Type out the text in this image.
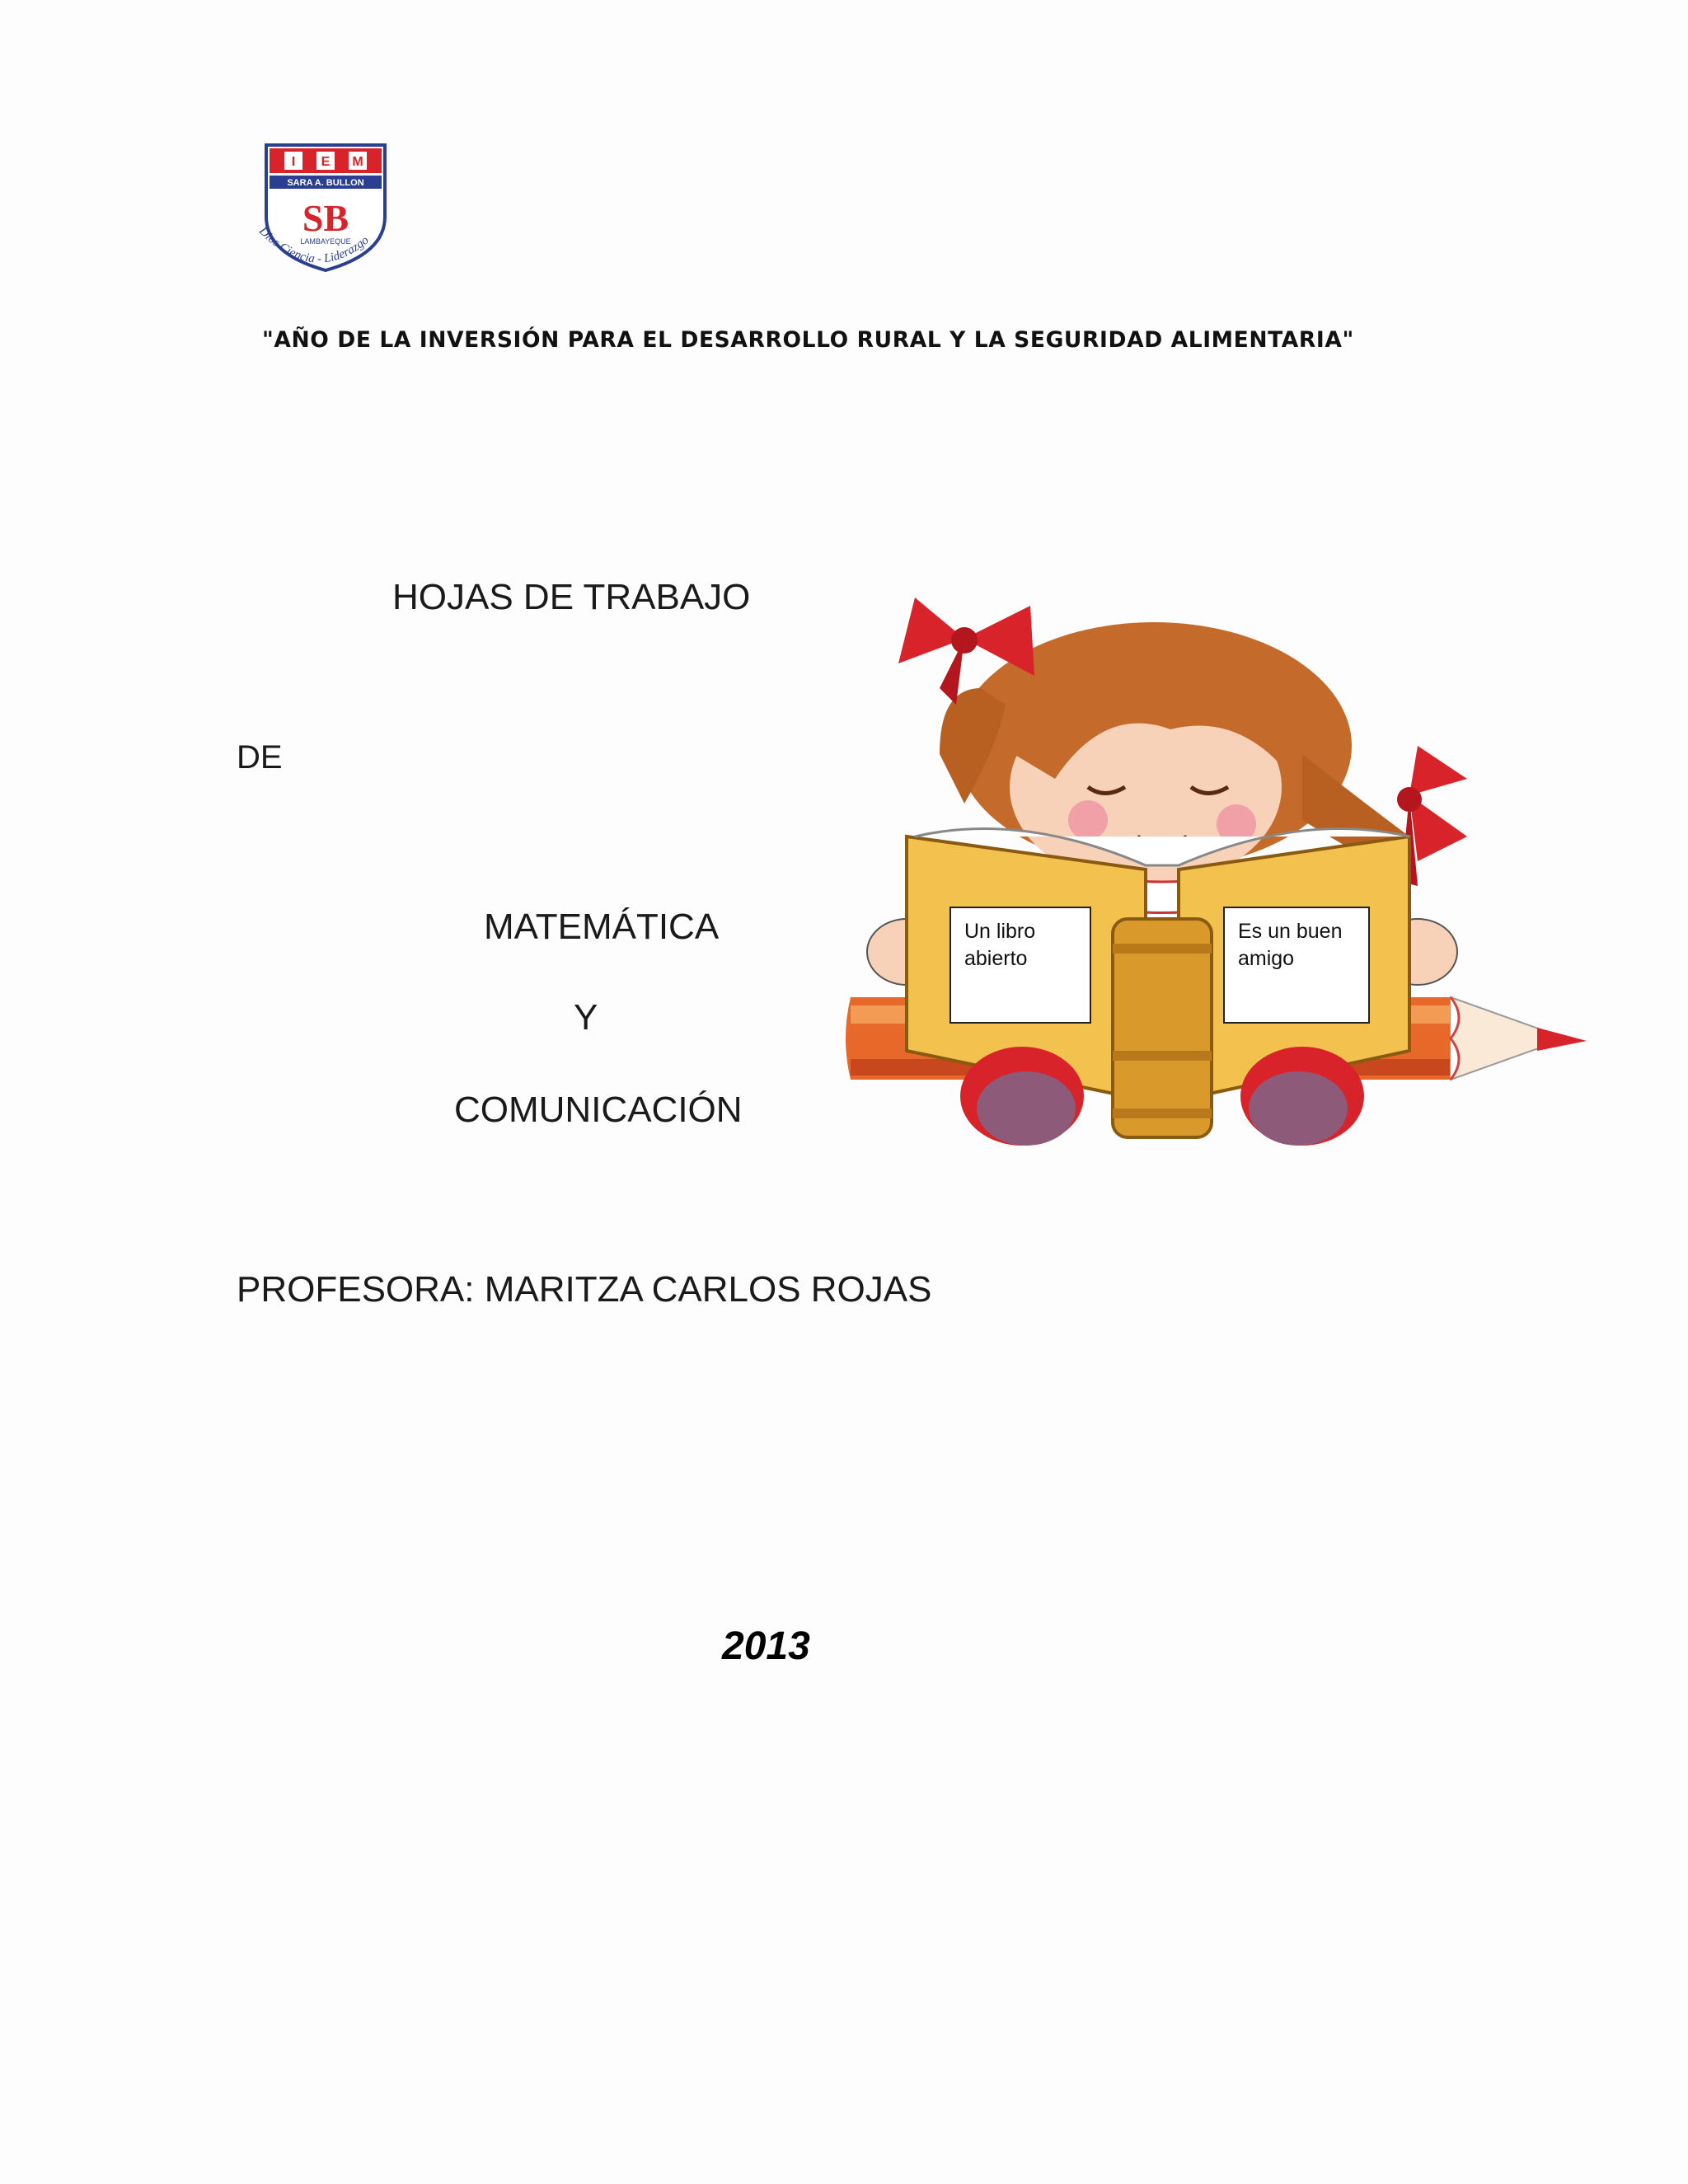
I E M
SARA A. BULLON
SB
LAMBAYEQUE
Dios Ciencia - Liderazgo
"AÑO DE LA INVERSIÓN PARA EL DESARROLLO RURAL Y LA SEGURIDAD ALIMENTARIA"
HOJAS DE TRABAJO
DE
MATEMÁTICA
Y
COMUNICACIÓN
Un libro
abierto
Es un buen
amigo
PROFESORA: MARITZA CARLOS ROJAS
2013
